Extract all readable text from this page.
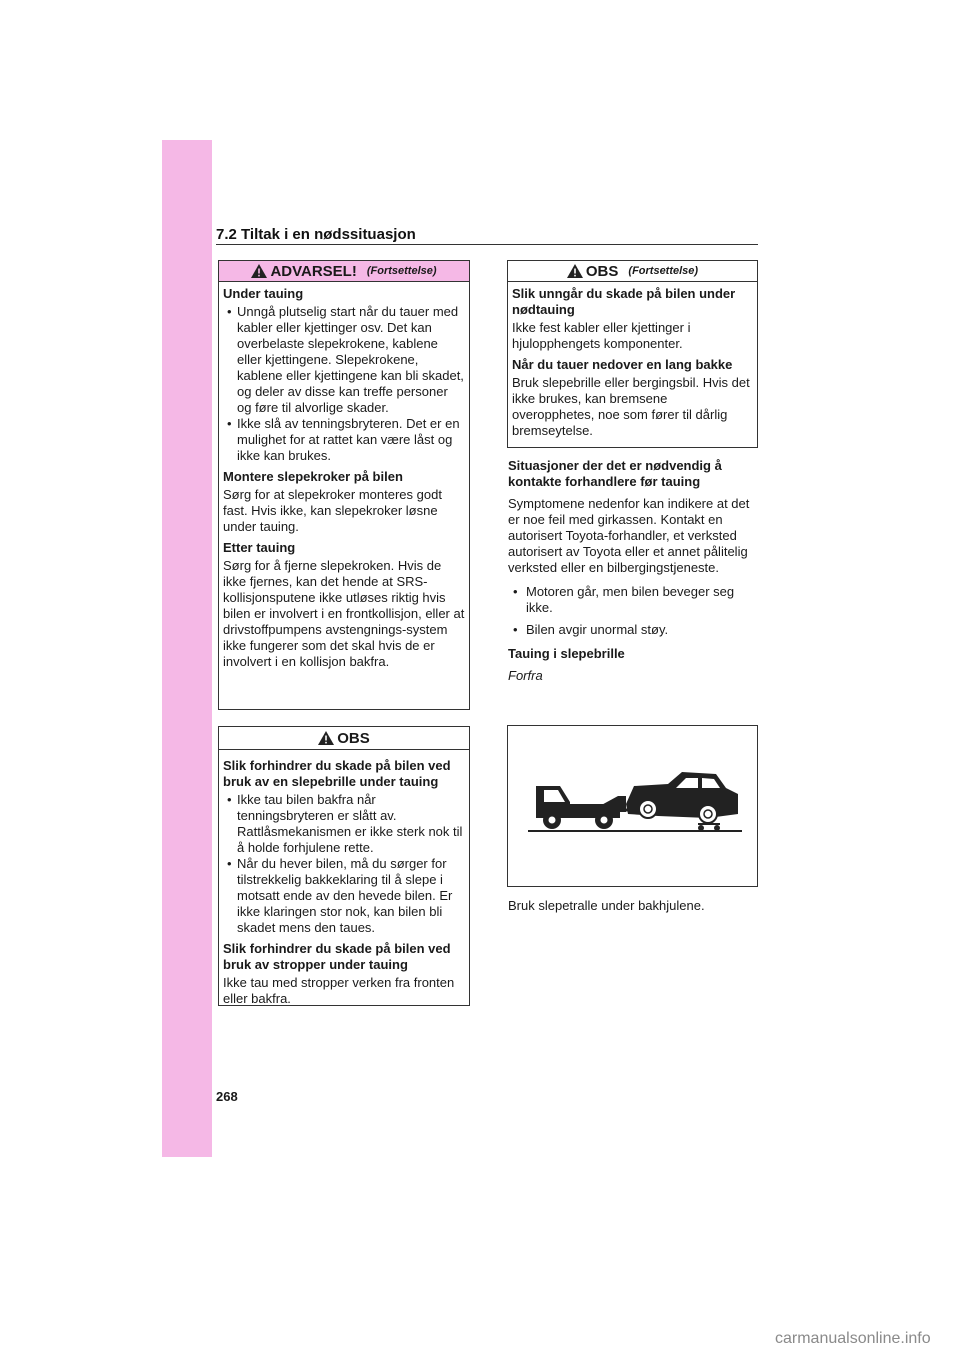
7.2 Tiltak i en nødssituasjon
ADVARSEL! (Fortsettelse)

Under tauing

• Unngå plutselig start når du tauer med kabler eller kjettinger osv. Det kan overbelaste slepekrokene, kablene eller kjettingene. Slepekrokene, kablene eller kjettingene kan bli skadet, og deler av disse kan treffe personer og føre til alvorlige skader.
• Ikke slå av tenningsbryteren. Det er en mulighet for at rattet kan være låst og ikke kan brukes.

Montere slepekroker på bilen

Sørg for at slepekroker monteres godt fast. Hvis ikke, kan slepekroker løsne under tauing.

Etter tauing

Sørg for å fjerne slepekroken. Hvis de ikke fjernes, kan det hende at SRS-kollisjonsputene ikke utløses riktig hvis bilen er involvert i en frontkollisjon, eller at drivstoffpumpens avstengnings-system ikke fungerer som det skal hvis de er involvert i en kollisjon bakfra.

OBS

Slik forhindrer du skade på bilen ved bruk av en slepebrille under tauing

• Ikke tau bilen bakfra når tenningsbryteren er slått av. Rattlåsmekanismen er ikke sterk nok til å holde forhjulene rette.
• Når du hever bilen, må du sørger for tilstrekkelig bakkeklaring til å slepe i motsatt ende av den hevede bilen. Er ikke klaringen stor nok, kan bilen bli skadet mens den taues.

Slik forhindrer du skade på bilen ved bruk av stropper under tauing

Ikke tau med stropper verken fra fronten eller bakfra.

OBS (Fortsettelse)

Slik unngår du skade på bilen under nødtauing

Ikke fest kabler eller kjettinger i hjulopphengets komponenter.

Når du tauer nedover en lang bakke

Bruk slepebrille eller bergingsbil. Hvis det ikke brukes, kan bremsene overopphetes, noe som fører til dårlig bremseytelse.

Situasjoner der det er nødvendig å kontakte forhandlere før tauing

Symptomene nedenfor kan indikere at det er noe feil med girkassen. Kontakt en autorisert Toyota-forhandler, et verksted autorisert av Toyota eller et annet pålitelig verksted eller en bilbergingstjeneste.

• Motoren går, men bilen beveger seg ikke.
• Bilen avgir unormal støy.

Tauing i slepebrille

Forfra

Bruk slepetralle under bakhjulene.

268
carmanualsonline.info
